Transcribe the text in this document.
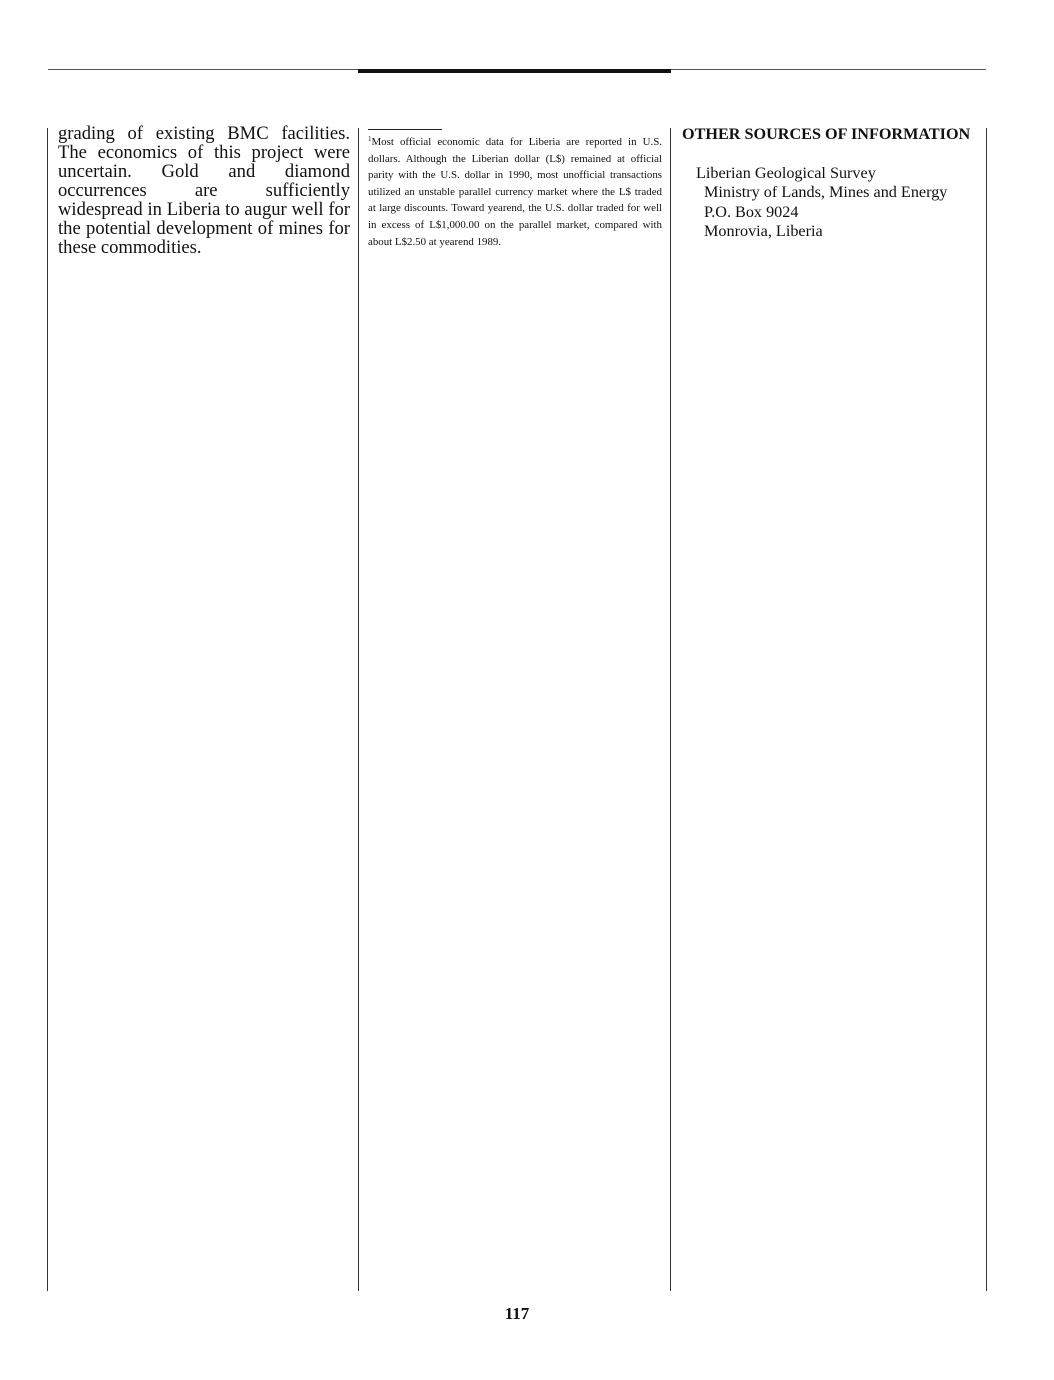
grading of existing BMC facilities. The economics of this project were uncertain. Gold and diamond occurrences are sufficiently widespread in Liberia to augur well for the potential development of mines for these commodities.

$^1$Most official economic data for Liberia are reported in U.S. dollars. Although the Liberian dollar (L$) remained at official parity with the U.S. dollar in 1990, most unofficial transactions utilized an unstable parallel currency market where the L$ traded at large discounts. Toward yearend, the U.S. dollar traded for well in excess of L$1,000.00 on the parallel market, compared with about L$2.50 at yearend 1989.

OTHER SOURCES OF INFORMATION
Liberian Geological Survey
Ministry of Lands, Mines and Energy
P.O. Box 9024
Monrovia, Liberia
117
